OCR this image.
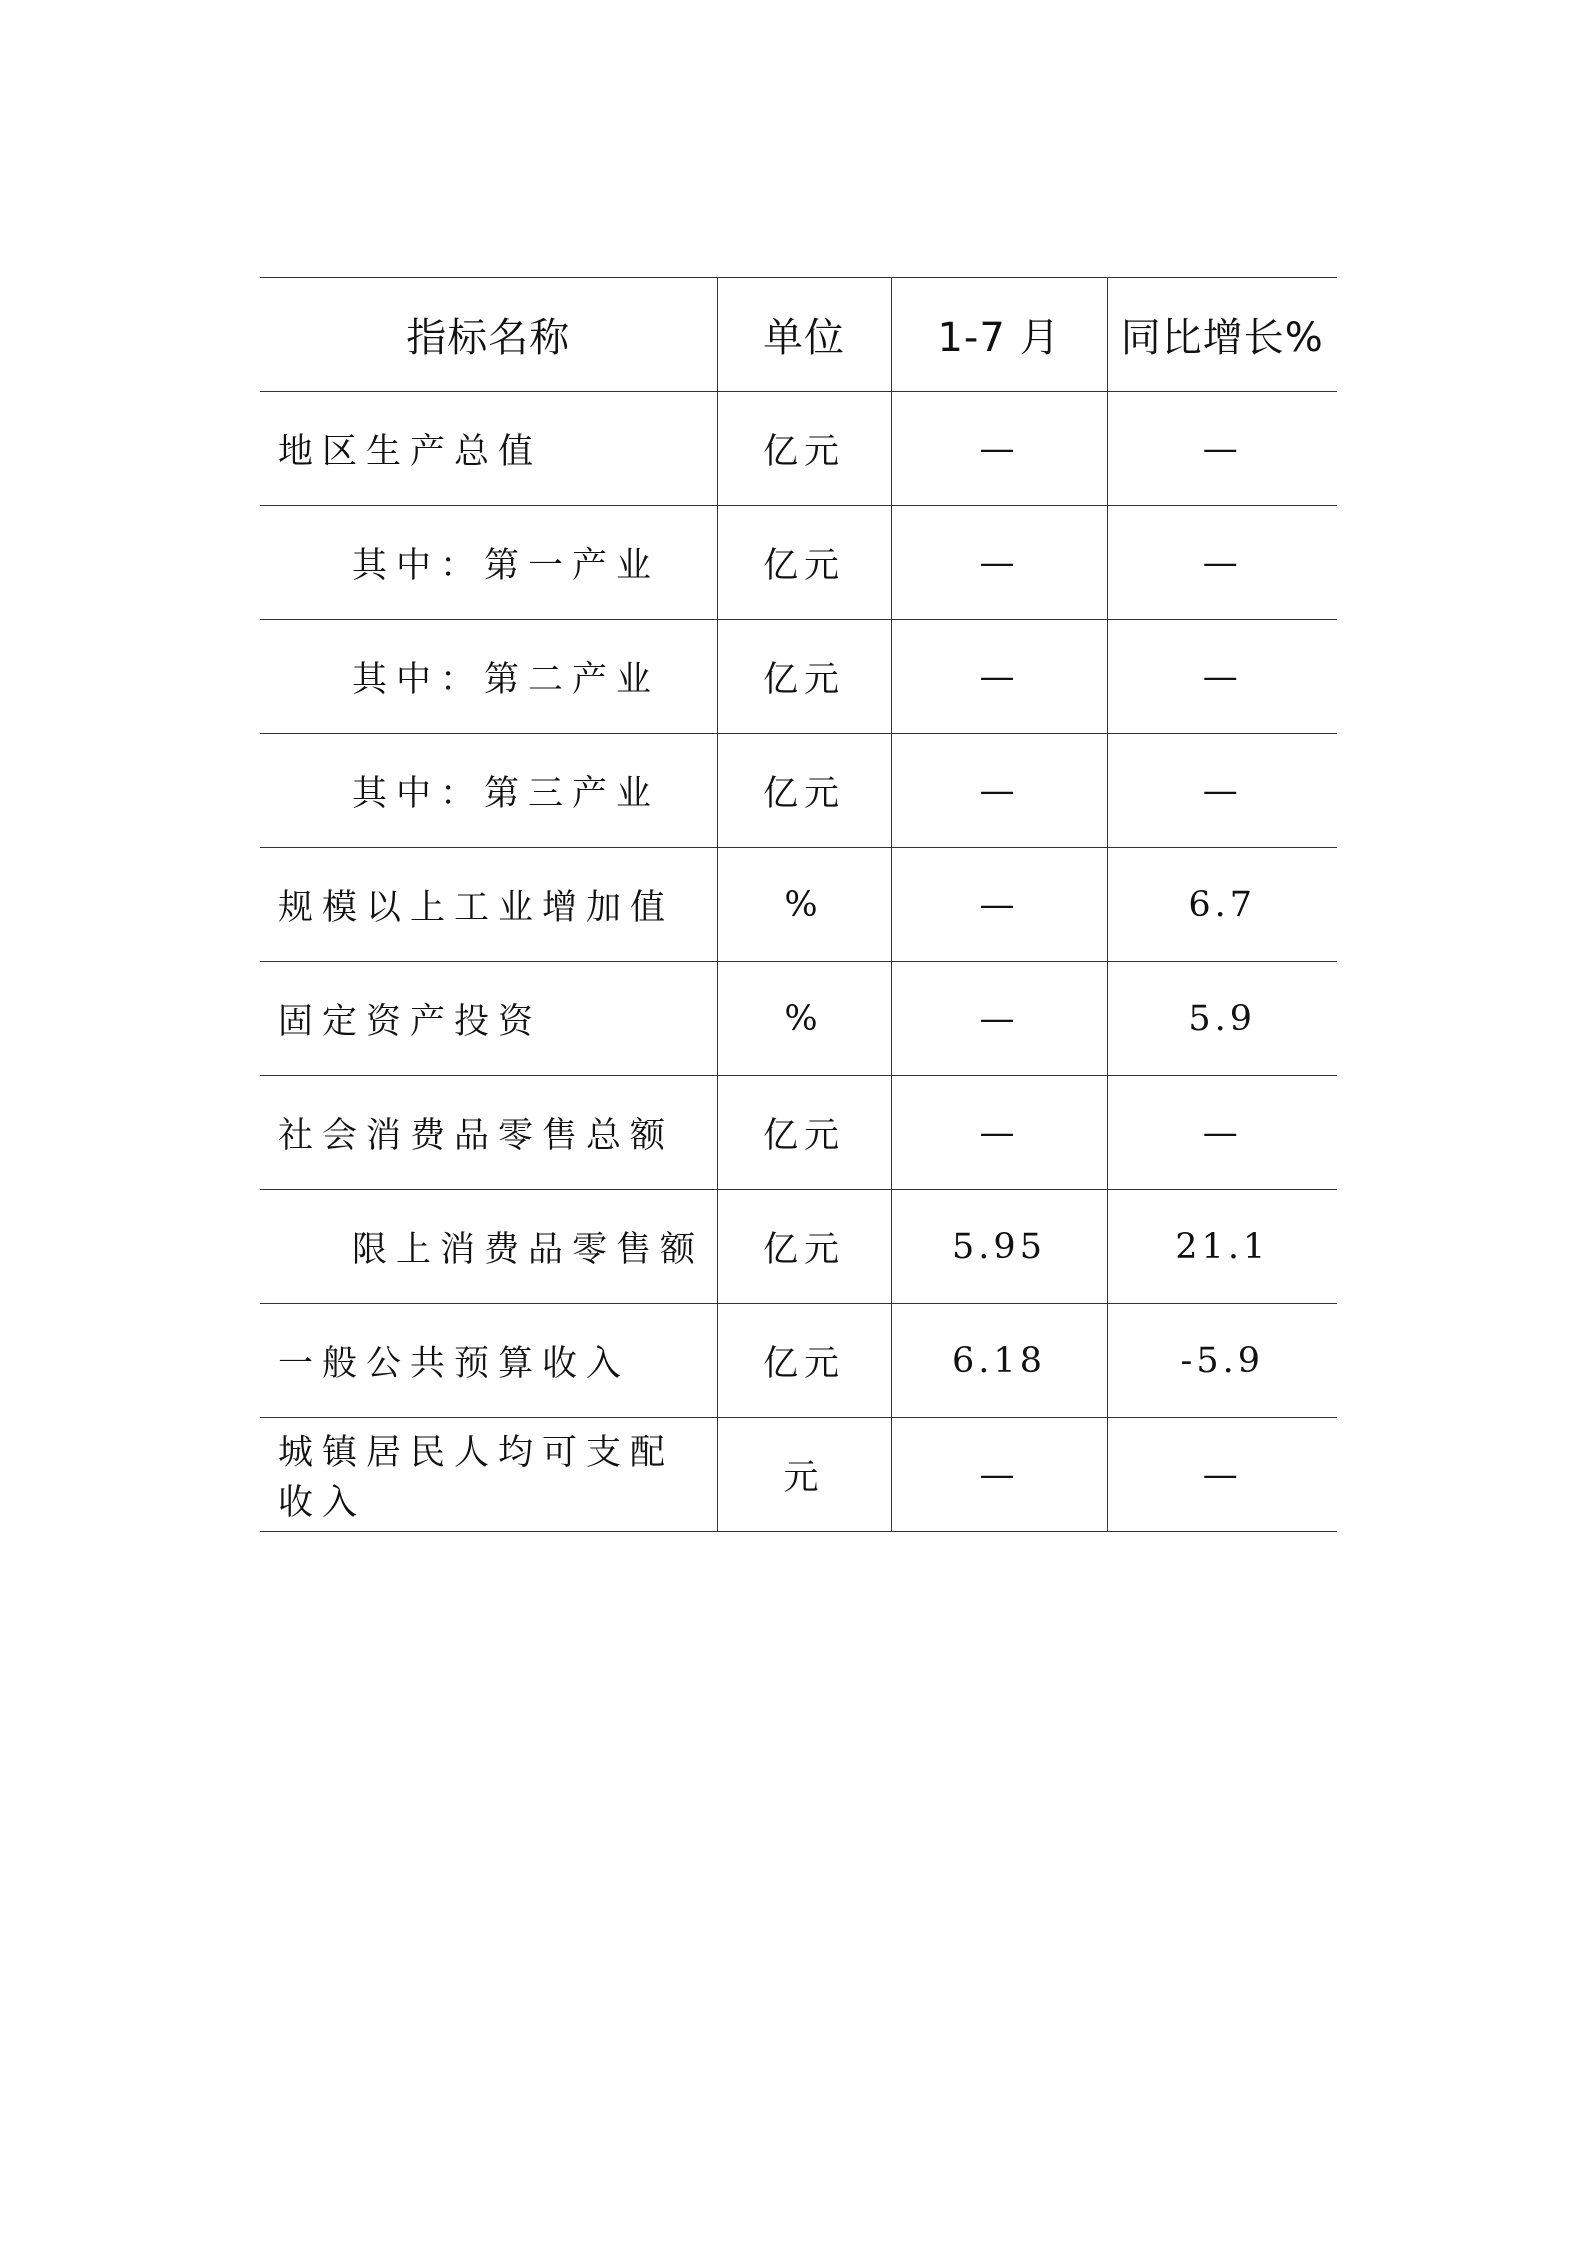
指标名称	单位	1-7 月	同比增长%
地区生产总值	亿元	—	—
其中：第一产业	亿元	—	—
其中：第二产业	亿元	—	—
其中：第三产业	亿元	—	—
规模以上工业增加值	%	—	6.7
固定资产投资	%	—	5.9
社会消费品零售总额	亿元	—	—
限上消费品零售额	亿元	5.95	21.1
一般公共预算收入	亿元	6.18	-5.9
城镇居民人均可支配收入	元	—	—
